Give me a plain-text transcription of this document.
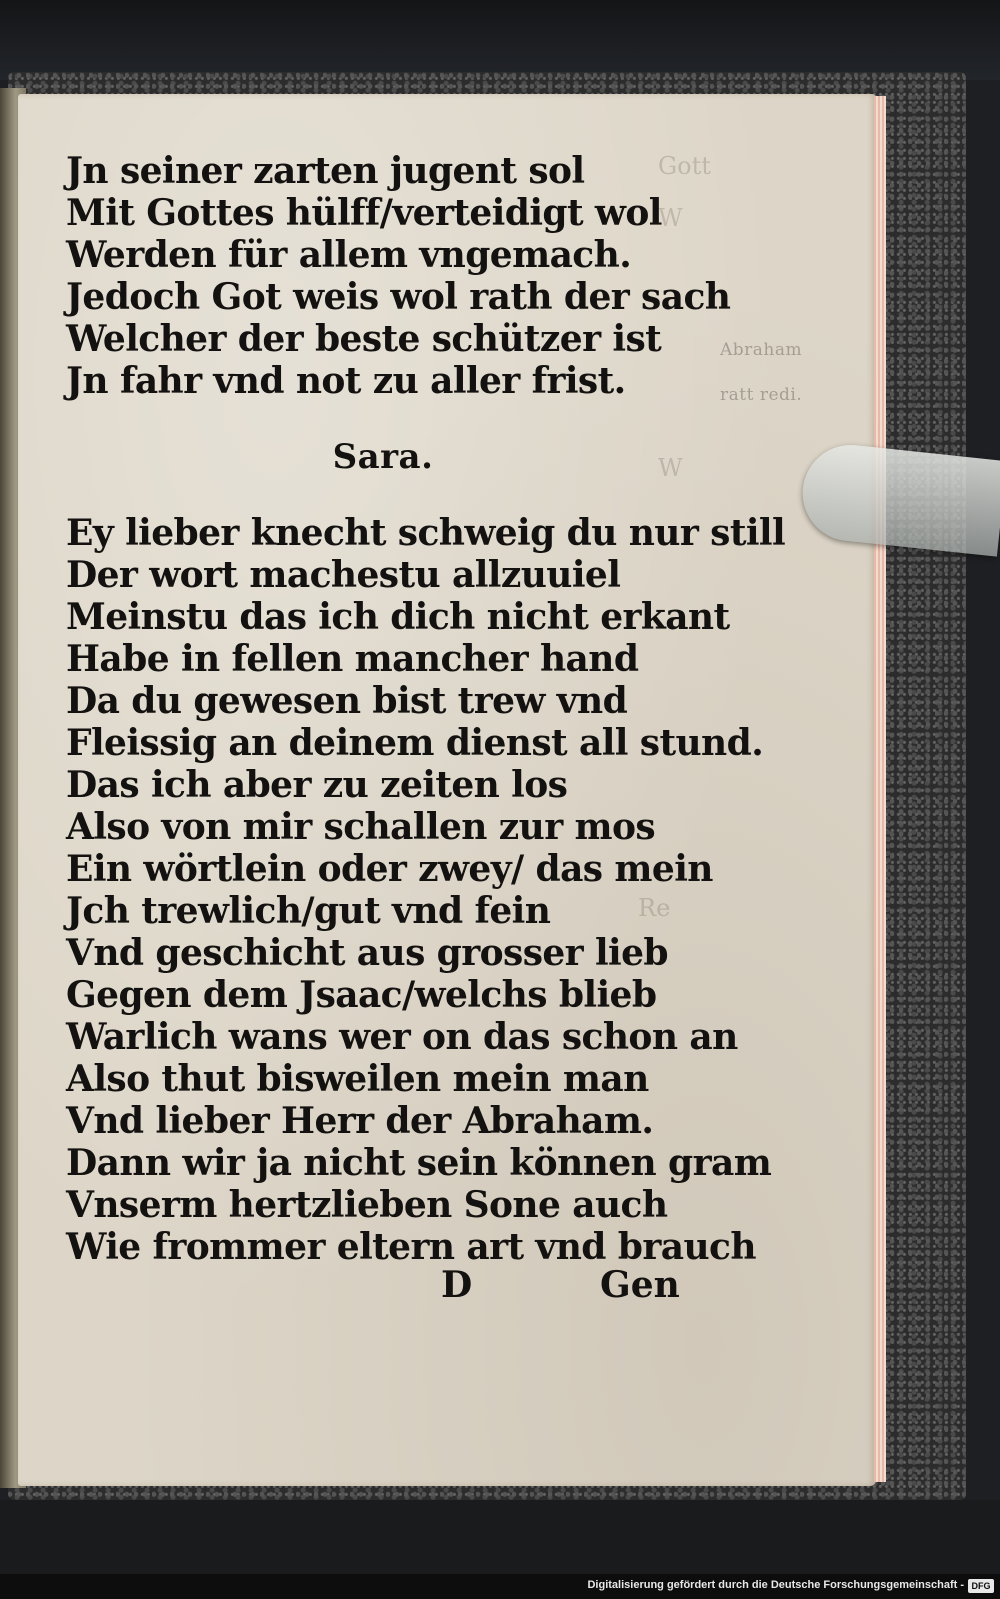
Gott
W
W
Re
Abraham
ratt redi.
Jn seiner zarten jugent sol
Mit Gottes hülff/verteidigt wol
Werden für allem vngemach.
Jedoch Got weis wol rath der sach
Welcher der beste schützer ist
Jn fahr vnd not zu aller frist.
Sara.
Ey lieber knecht schweig du nur still
Der wort machestu allzuuiel
Meinstu das ich dich nicht erkant
Habe in fellen mancher hand
Da du gewesen bist trew vnd
Fleissig an deinem dienst all stund.
Das ich aber zu zeiten los
Also von mir schallen zur mos
Ein wörtlein oder zwey/ das mein
Jch trewlich/gut vnd fein
Vnd geschicht aus grosser lieb
Gegen dem Jsaac/welchs blieb
Warlich wans wer on das schon an
Also thut bisweilen mein man
Vnd lieber Herr der Abraham.
Dann wir ja nicht sein können gram
Vnserm hertzlieben Sone auch
Wie frommer eltern art vnd brauch
D	Gen
Digitalisierung gefördert durch die Deutsche Forschungsgemeinschaft - DFG
